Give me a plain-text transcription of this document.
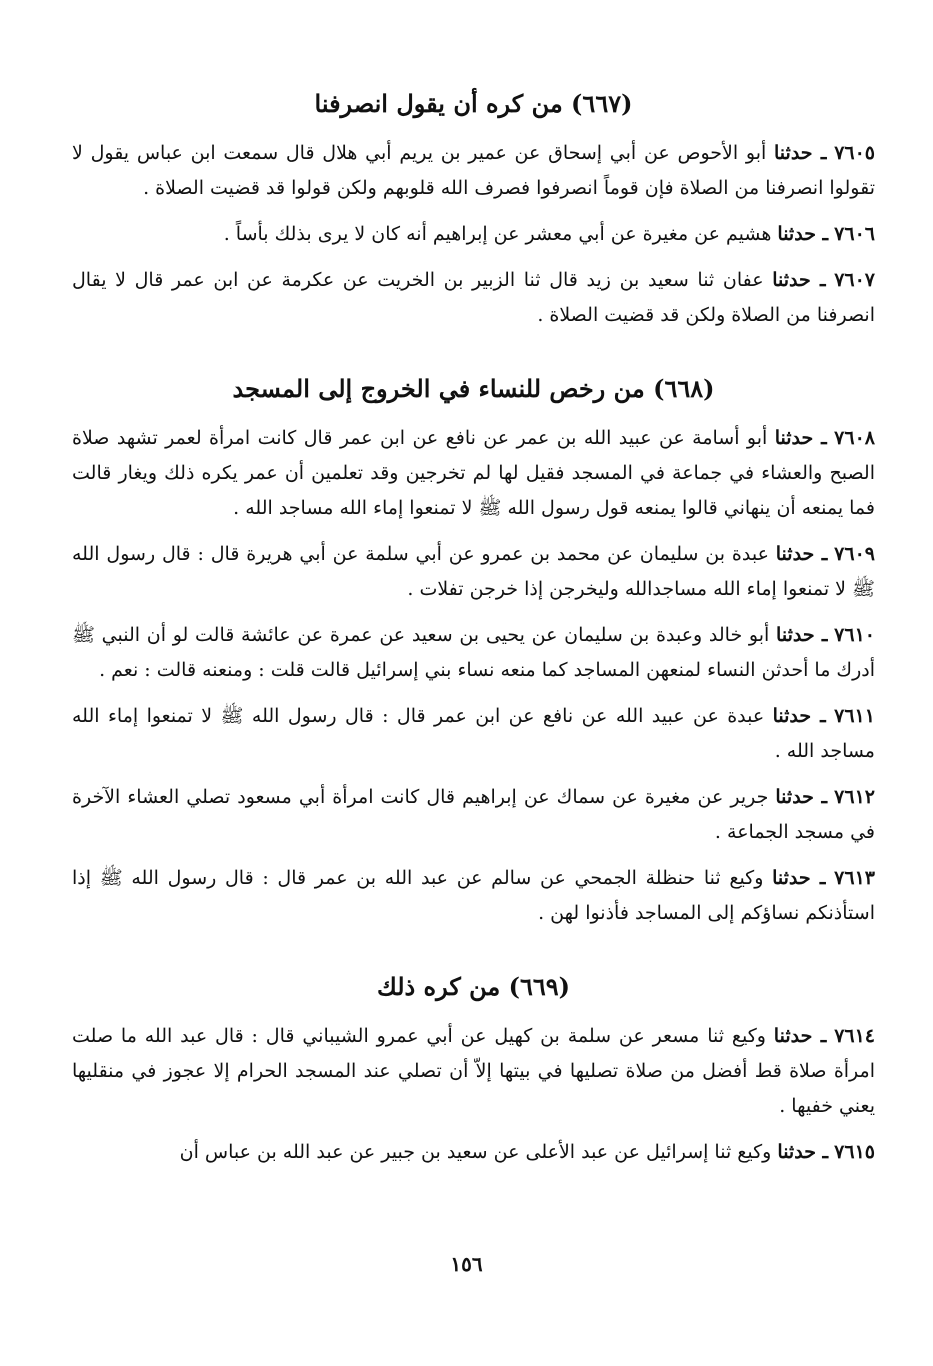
(٦٦٧) من كره أن يقول انصرفنا

٧٦٠٥ ـ حدثنا أبو الأحوص عن أبي إسحاق عن عمير بن يريم أبي هلال قال سمعت ابن عباس يقول لا تقولوا انصرفنا من الصلاة فإن قوماً انصرفوا فصرف الله قلوبهم ولكن قولوا قد قضيت الصلاة .

٧٦٠٦ ـ حدثنا هشيم عن مغيرة عن أبي معشر عن إبراهيم أنه كان لا يرى بذلك بأساً .

٧٦٠٧ ـ حدثنا عفان ثنا سعيد بن زيد قال ثنا الزبير بن الخريت عن عكرمة عن ابن عمر قال لا يقال انصرفنا من الصلاة ولكن قد قضيت الصلاة .

(٦٦٨) من رخص للنساء في الخروج إلى المسجد

٧٦٠٨ ـ حدثنا أبو أسامة عن عبيد الله بن عمر عن نافع عن ابن عمر قال كانت امرأة لعمر تشهد صلاة الصبح والعشاء في جماعة في المسجد فقيل لها لم تخرجين وقد تعلمين أن عمر يكره ذلك ويغار قالت فما يمنعه أن ينهاني قالوا يمنعه قول رسول الله ﷺ لا تمنعوا إماء الله مساجد الله .

٧٦٠٩ ـ حدثنا عبدة بن سليمان عن محمد بن عمرو عن أبي سلمة عن أبي هريرة قال : قال رسول الله ﷺ لا تمنعوا إماء الله مساجدالله وليخرجن إذا خرجن تفلات .

٧٦١٠ ـ حدثنا أبو خالد وعبدة بن سليمان عن يحيى بن سعيد عن عمرة عن عائشة قالت لو أن النبي ﷺ أدرك ما أحدثن النساء لمنعهن المساجد كما منعه نساء بني إسرائيل قالت قلت : ومنعنه قالت : نعم .

٧٦١١ ـ حدثنا عبدة عن عبيد الله عن نافع عن ابن عمر قال : قال رسول الله ﷺ لا تمنعوا إماء الله مساجد الله .

٧٦١٢ ـ حدثنا جرير عن مغيرة عن سماك عن إبراهيم قال كانت امرأة أبي مسعود تصلي العشاء الآخرة في مسجد الجماعة .

٧٦١٣ ـ حدثنا وكيع ثنا حنظلة الجمحي عن سالم عن عبد الله بن عمر قال : قال رسول الله ﷺ إذا استأذنكم نساؤكم إلى المساجد فأذنوا لهن .

(٦٦٩) من كره ذلك

٧٦١٤ ـ حدثنا وكيع ثنا مسعر عن سلمة بن كهيل عن أبي عمرو الشيباني قال : قال عبد الله ما صلت امرأة صلاة قط أفضل من صلاة تصليها في بيتها إلاّ أن تصلي عند المسجد الحرام إلا عجوز في منقليها يعني خفيها .

٧٦١٥ ـ حدثنا وكيع ثنا إسرائيل عن عبد الأعلى عن سعيد بن جبير عن عبد الله بن عباس أن

١٥٦
